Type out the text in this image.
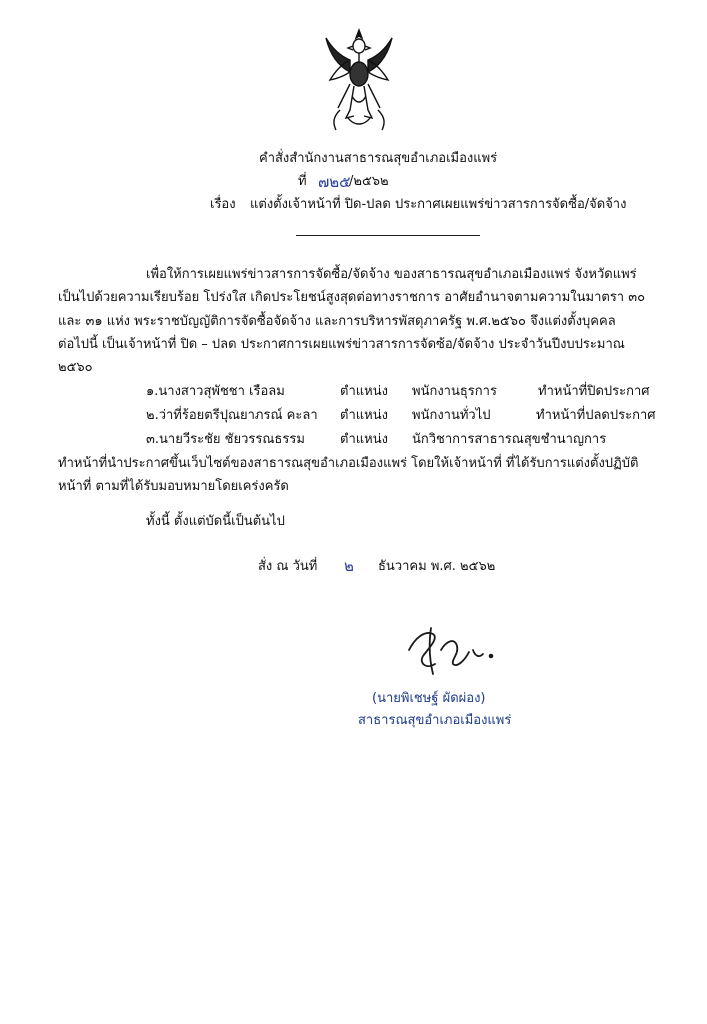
คำสั่งสำนักงานสาธารณสุขอำเภอเมืองแพร่
ที่ ๗๒๕
/๒๕๖๒
เรื่อง แต่งตั้งเจ้าหน้าที่ ปิด-ปลด ประกาศเผยแพร่ข่าวสารการจัดซื้อ/จัดจ้าง
เพื่อให้การเผยแพร่ข่าวสารการจัดซื้อ/จัดจ้าง ของสาธารณสุขอำเภอเมืองแพร่ จังหวัดแพร่
เป็นไปด้วยความเรียบร้อย โปร่งใส เกิดประโยชน์สูงสุดต่อทางราชการ อาศัยอำนาจตามความในมาตรา ๓๐
และ ๓๑ แห่ง พระราชบัญญัติการจัดซื้อจัดจ้าง และการบริหารพัสดุภาครัฐ พ.ศ.๒๕๖๐ จึงแต่งตั้งบุคคล
ต่อไปนี้ เป็นเจ้าหน้าที่ ปิด – ปลด ประกาศการเผยแพร่ข่าวสารการจัดซ้อ/จัดจ้าง ประจำวันปีงบประมาณ
๒๕๖๐
๑.นางสาวสุพัชชา เรือลม	ตำแหน่ง พนักงานธุรการ	ทำหน้าที่ปิดประกาศ
๒.ว่าที่ร้อยตรีปุณยาภรณ์ คะลา ตำแหน่ง พนักงานทั่วไป	ทำหน้าที่ปลดประกาศ
๓.นายวีระชัย ชัยวรรณธรรม	ตำแหน่ง นักวิชาการสาธารณสุขชำนาญการ
ทำหน้าที่นำประกาศขึ้นเว็บไซต์ของสาธารณสุขอำเภอเมืองแพร่ โดยให้เจ้าหน้าที่ ที่ได้รับการแต่งตั้งปฏิบัติ
หน้าที่ ตามที่ได้รับมอบหมายโดยเคร่งครัด
ทั้งนี้ ตั้งแต่บัดนี้เป็นต้นไป
สั่ง ณ วันที่ ๒ ธันวาคม พ.ศ. ๒๕๖๒
(นายพิเชษฐ์ ผัดผ่อง)
สาธารณสุขอำเภอเมืองแพร่
